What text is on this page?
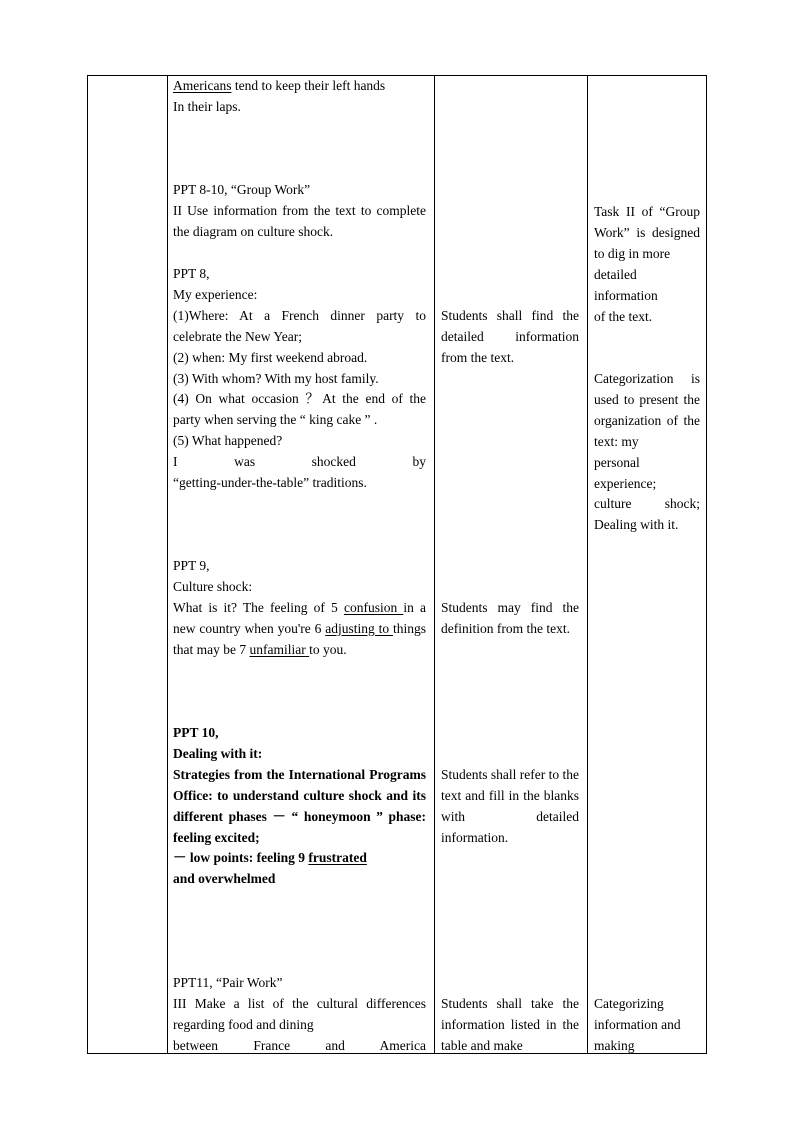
Americans tend to keep their left hands

In their laps.

PPT 8-10, “Group Work”

II Use information from the text to complete the diagram on culture shock.

PPT 8,

My experience:

(1)Where: At a French dinner party to celebrate the New Year;

(2) when: My first weekend abroad.

(3) With whom? With my host family.

(4) On what occasion ？At the end of the party when serving the “ king cake ” .

(5) What happened?

I was shocked by

“getting-under-the-table” traditions.

PPT 9,

Culture shock:

What is it? The feeling of 5 confusion in a new country when you're 6 adjusting to things that may be 7 unfamiliar to you.

PPT 10,

Dealing with it:

Strategies from the International Programs Office: to understand culture shock and its different phases － “ honeymoon ” phase: feeling excited;

－ low points: feeling 9 frustrated

and overwhelmed

PPT11, “Pair Work”

III Make a list of the cultural differences regarding food and dining

between France and America

Students shall find the detailed information from the text.

Students may find the definition from the text.

Students shall refer to the text and fill in the blanks with detailed information.

Students shall take the information listed in the table and make

Task II of “Group Work” is designed to dig in more

detailed

information

of the text.

Categorization is used to present the organization of the text: my

personal

experience;

culture shock; Dealing with it.

Categorizing information and

making
